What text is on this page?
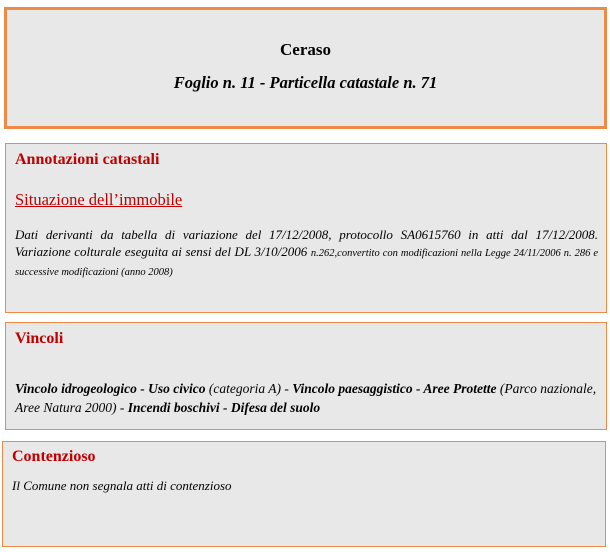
Ceraso
Foglio n. 11 - Particella catastale n. 71
Annotazioni catastali
Situazione dell’immobile
Dati derivanti da tabella di variazione del 17/12/2008, protocollo SA0615760 in atti dal 17/12/2008. Variazione colturale eseguita ai sensi del DL 3/10/2006 n.262,convertito con modificazioni nella Legge 24/11/2006 n. 286 e successive modificazioni (anno 2008)
Vincoli
Vincolo idrogeologico - Uso civico (categoria A) - Vincolo paesaggistico - Aree Protette (Parco nazionale, Aree Natura 2000) - Incendi boschivi - Difesa del suolo
Contenzioso
Il Comune non segnala atti di contenzioso
